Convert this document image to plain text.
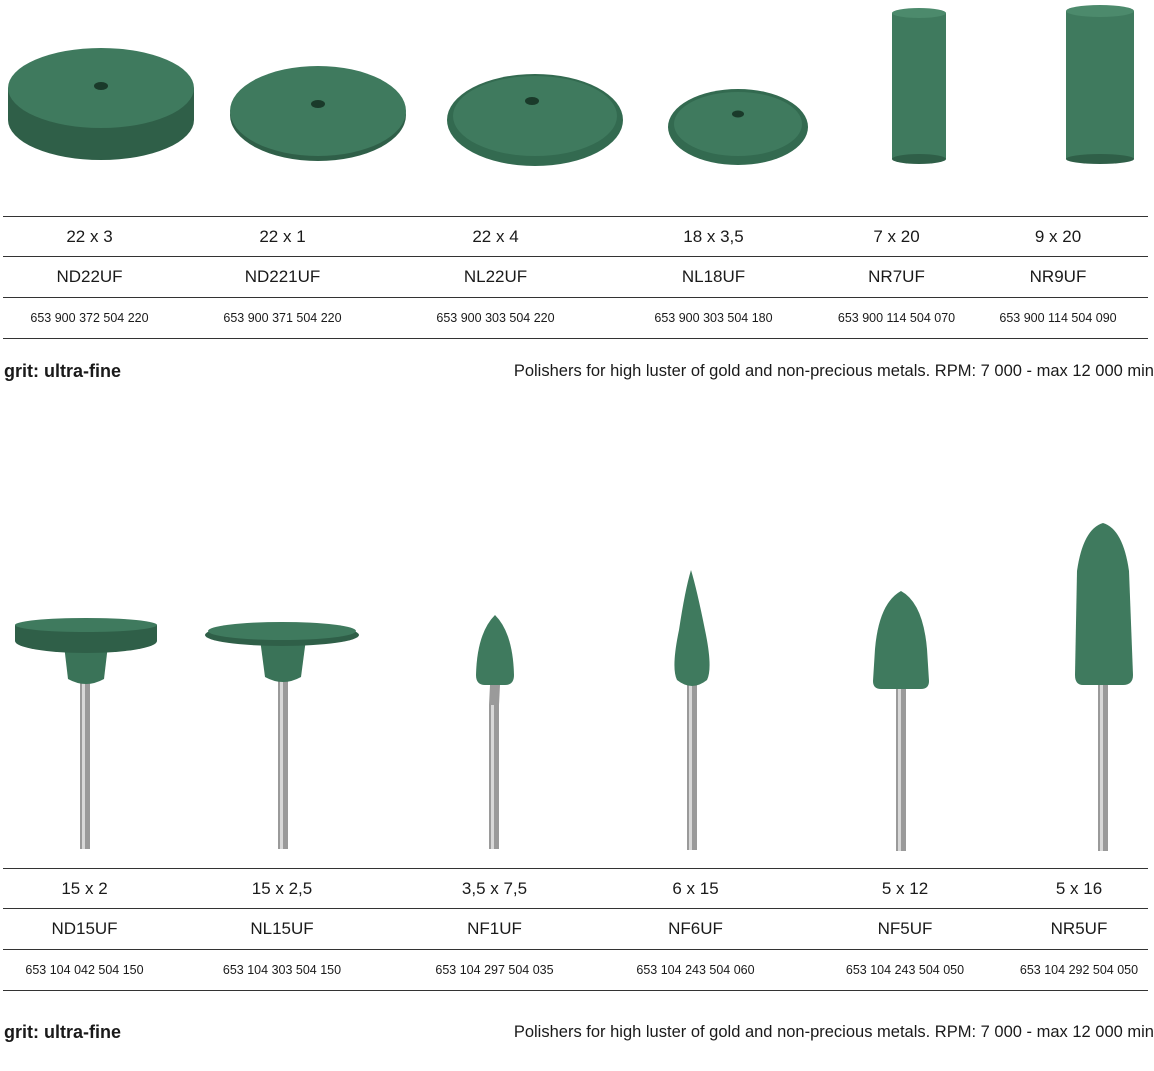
22 x 3	22 x 1	22 x 4	18 x 3,5	7 x 20	9 x 20
ND22UF	ND221UF	NL22UF	NL18UF	NR7UF	NR9UF
653 900 372 504 220	653 900 371 504 220	653 900 303 504 220	653 900 303 504 180	653 900 114 504 070	653 900 114 504 090
grit: ultra-fine	Polishers for high luster of gold and non-precious metals. RPM: 7 000 - max 12 000 min
15 x 2	15 x 2,5	3,5 x 7,5	6 x 15	5 x 12	5 x 16
ND15UF	NL15UF	NF1UF	NF6UF	NF5UF	NR5UF
653 104 042 504 150	653 104 303 504 150	653 104 297 504 035	653 104 243 504 060	653 104 243 504 050	653 104 292 504 050
grit: ultra-fine	Polishers for high luster of gold and non-precious metals. RPM: 7 000 - max 12 000 min
